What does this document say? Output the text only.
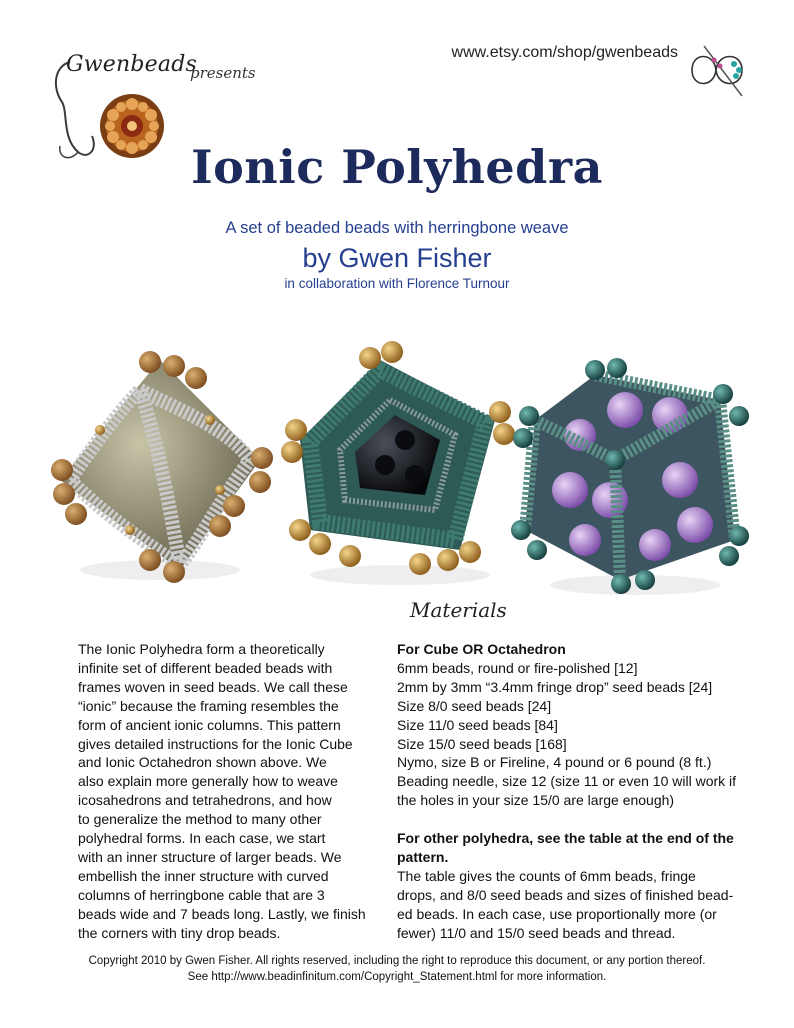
Gwenbeads
presents
www.etsy.com/shop/gwenbeads
Ionic Polyhedra
A set of beaded beads with herringbone weave
by Gwen Fisher
in collaboration with Florence Turnour
The Ionic Polyhedra form a theoretically
infinite set of different beaded beads with
frames woven in seed beads. We call these
“ionic” because the framing resembles the
form of ancient ionic columns. This pattern
gives detailed instructions for the Ionic Cube
and Ionic Octahedron shown above. We
also explain more generally how to weave
icosahedrons and tetrahedrons, and how
to generalize the method to many other
polyhedral forms. In each case, we start
with an inner structure of larger beads. We
embellish the inner structure with curved
columns of herringbone cable that are 3
beads wide and 7 beads long. Lastly, we finish
the corners with tiny drop beads.
Materials
For Cube OR Octahedron
6mm beads, round or fire-polished [12]
2mm by 3mm “3.4mm fringe drop” seed beads [24]
Size 8/0 seed beads [24]
Size 11/0 seed beads [84]
Size 15/0 seed beads [168]
Nymo, size B or Fireline, 4 pound or 6 pound (8 ft.)
Beading needle, size 12 (size 11 or even 10 will work if
the holes in your size 15/0 are large enough)
For other polyhedra, see the table at the end of the
pattern.
The table gives the counts of 6mm beads, fringe
drops, and 8/0 seed beads and sizes of finished bead-
ed beads. In each case, use proportionally more (or
fewer) 11/0 and 15/0 seed beads and thread.
Copyright 2010 by Gwen Fisher. All rights reserved, including the right to reproduce this document, or any portion thereof.
See http://www.beadinfinitum.com/Copyright_Statement.html for more information.
